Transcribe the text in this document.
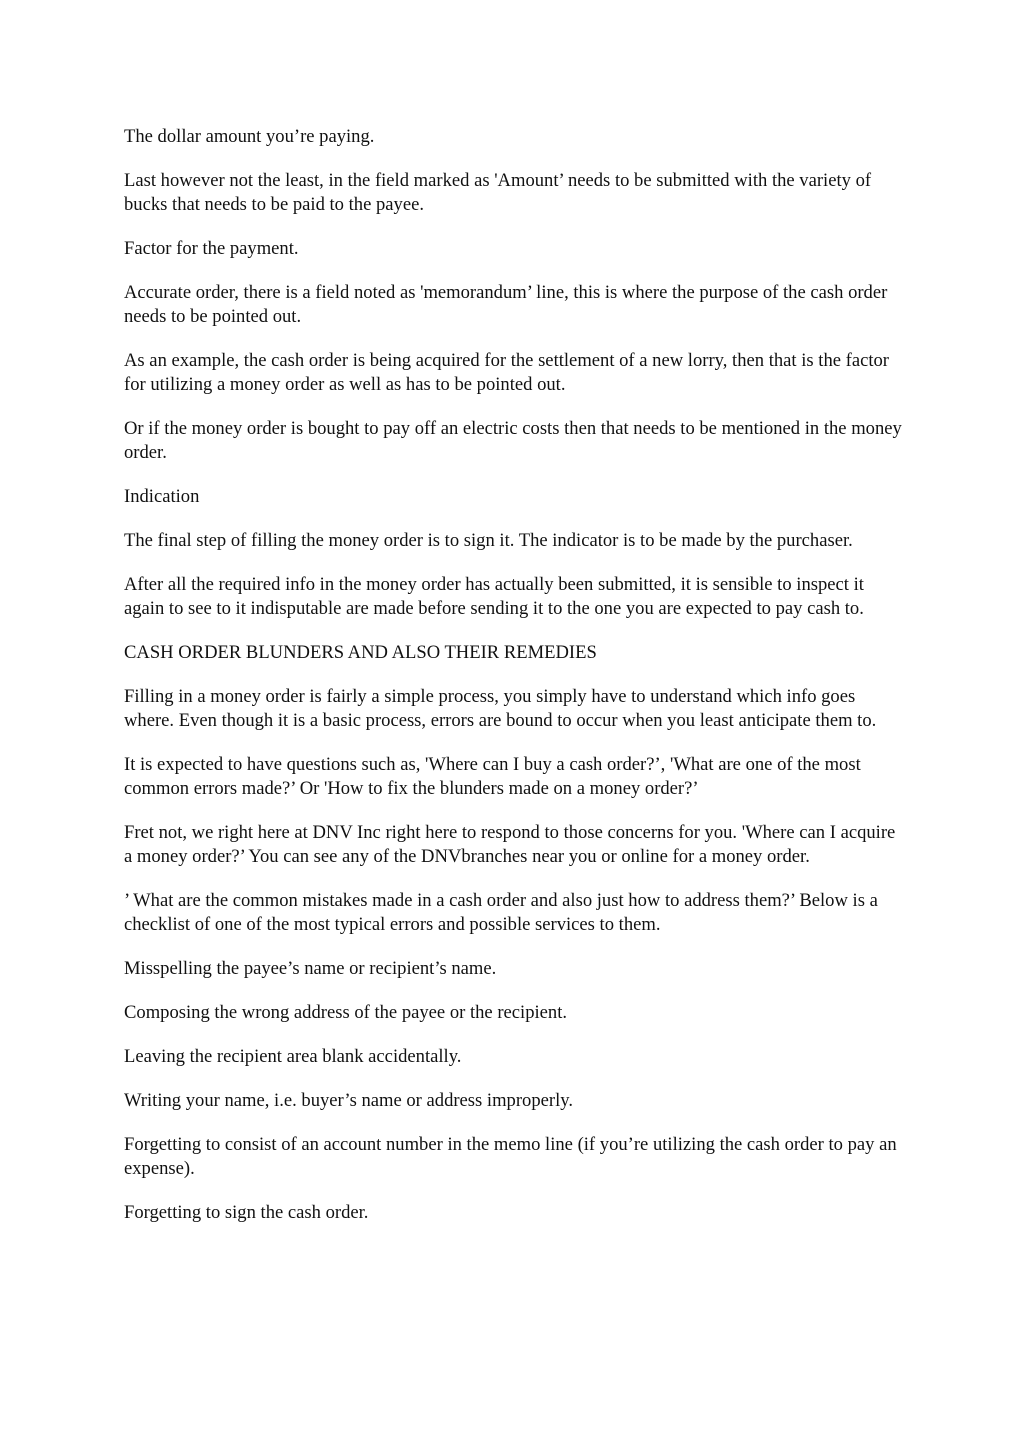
The dollar amount you’re paying.

Last however not the least, in the field marked as 'Amount’ needs to be submitted with the variety of bucks that needs to be paid to the payee.

Factor for the payment.

Accurate order, there is a field noted as 'memorandum’ line, this is where the purpose of the cash order needs to be pointed out.

As an example, the cash order is being acquired for the settlement of a new lorry, then that is the factor for utilizing a money order as well as has to be pointed out.

Or if the money order is bought to pay off an electric costs then that needs to be mentioned in the money order.

Indication

The final step of filling the money order is to sign it. The indicator is to be made by the purchaser.

After all the required info in the money order has actually been submitted, it is sensible to inspect it again to see to it indisputable are made before sending it to the one you are expected to pay cash to.

CASH ORDER BLUNDERS AND ALSO THEIR REMEDIES

Filling in a money order is fairly a simple process, you simply have to understand which info goes where. Even though it is a basic process, errors are bound to occur when you least anticipate them to.

It is expected to have questions such as, 'Where can I buy a cash order?’, 'What are one of the most common errors made?’ Or 'How to fix the blunders made on a money order?’

Fret not, we right here at DNV Inc right here to respond to those concerns for you. 'Where can I acquire a money order?’ You can see any of the DNVbranches near you or online for a money order.

’ What are the common mistakes made in a cash order and also just how to address them?’ Below is a checklist of one of the most typical errors and possible services to them.

Misspelling the payee’s name or recipient’s name.

Composing the wrong address of the payee or the recipient.

Leaving the recipient area blank accidentally.

Writing your name, i.e. buyer’s name or address improperly.

Forgetting to consist of an account number in the memo line (if you’re utilizing the cash order to pay an expense).

Forgetting to sign the cash order.
